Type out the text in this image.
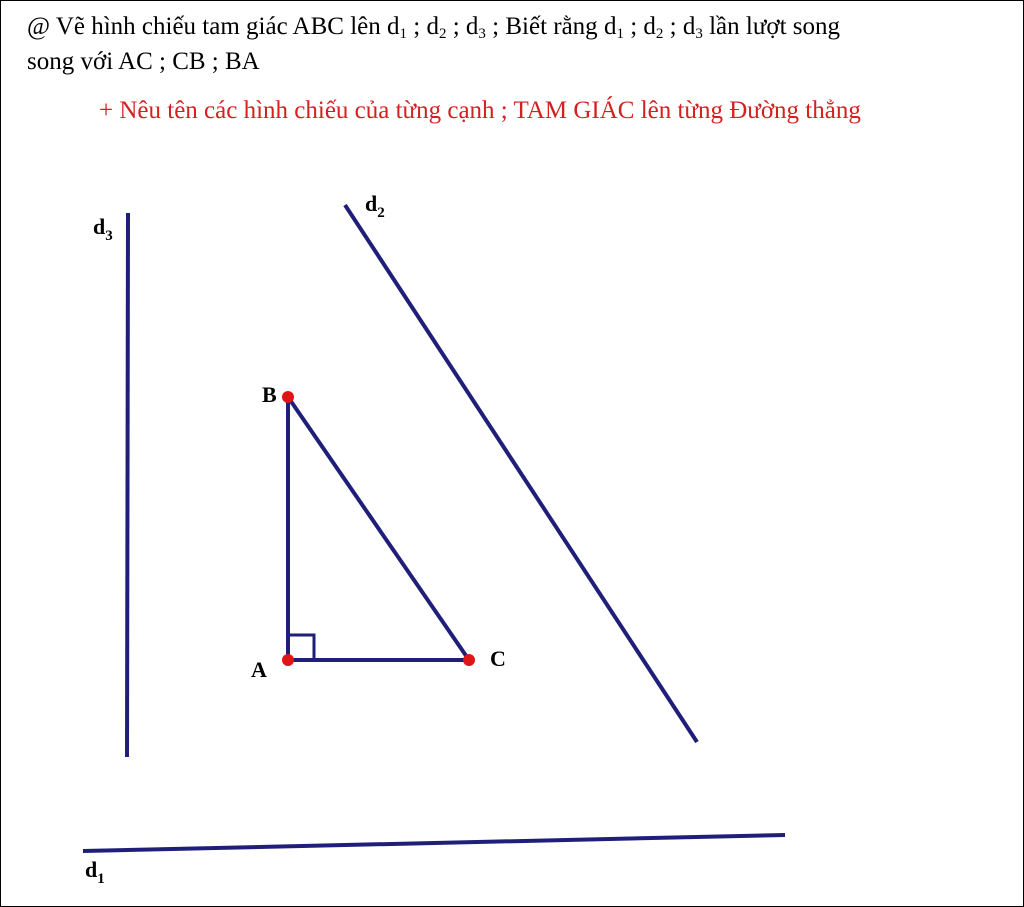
@ Vẽ hình chiếu tam giác ABC lên $d_1$ ; $d_2$ ; $d_3$ ; Biết rằng $d_1$ ; $d_2$ ; $d_3$ lần lượt song
song với AC ; CB ; BA
+ Nêu tên các hình chiếu của từng cạnh ; TAM GIÁC lên từng Đường thẳng
A
B
C
$d_3$
$d_2$
$d_1$
